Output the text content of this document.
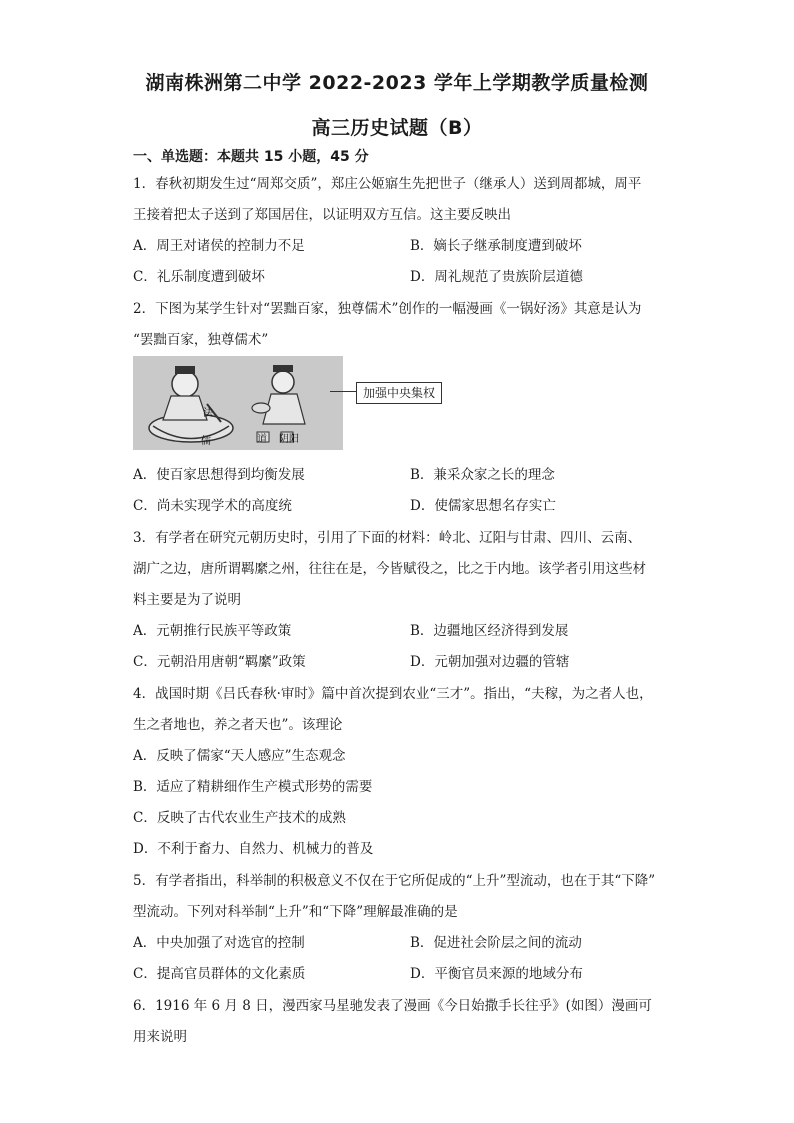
湖南株洲第二中学 2022-2023 学年上学期教学质量检测
高三历史试题（B）
一、单选题：本题共 15 小题，45 分
1．春秋初期发生过“周郑交质”，郑庄公姬寤生先把世子（继承人）送到周都城，周平
王接着把太子送到了郑国居住，以证明双方互信。这主要反映出
A．周王对诸侯的控制力不足	B．嫡长子继承制度遭到破坏
C．礼乐制度遭到破坏	D．周礼规范了贵族阶层道德
2．下图为某学生针对“罢黜百家，独尊儒术”创作的一幅漫画《一锅好汤》其意是认为
“罢黜百家，独尊儒术”
法
儒	道 阴阳
加强中央集权
A．使百家思想得到均衡发展	B．兼采众家之长的理念
C．尚未实现学术的高度统	D．使儒家思想名存实亡
3．有学者在研究元朝历史时，引用了下面的材料：岭北、辽阳与甘肃、四川、云南、
湖广之边，唐所谓羁縻之州，往往在是，今皆赋役之，比之于内地。该学者引用这些材
料主要是为了说明
A．元朝推行民族平等政策	B．边疆地区经济得到发展
C．元朝沿用唐朝“羁縻”政策	D．元朝加强对边疆的管辖
4．战国时期《吕氏春秋·审时》篇中首次提到农业“三才”。指出，“夫稼，为之者人也，
生之者地也，养之者天也”。该理论
A．反映了儒家“天人感应”生态观念
B．适应了精耕细作生产模式形势的需要
C．反映了古代农业生产技术的成熟
D．不利于畜力、自然力、机械力的普及
5．有学者指出，科举制的积极意义不仅在于它所促成的“上升”型流动，也在于其“下降”
型流动。下列对科举制“上升”和“下降”理解最准确的是
A．中央加强了对选官的控制	B．促进社会阶层之间的流动
C．提高官员群体的文化素质	D．平衡官员来源的地域分布
6．1916 年 6 月 8 日，漫西家马星驰发表了漫画《今日始撒手长往乎》(如图）漫画可
用来说明
